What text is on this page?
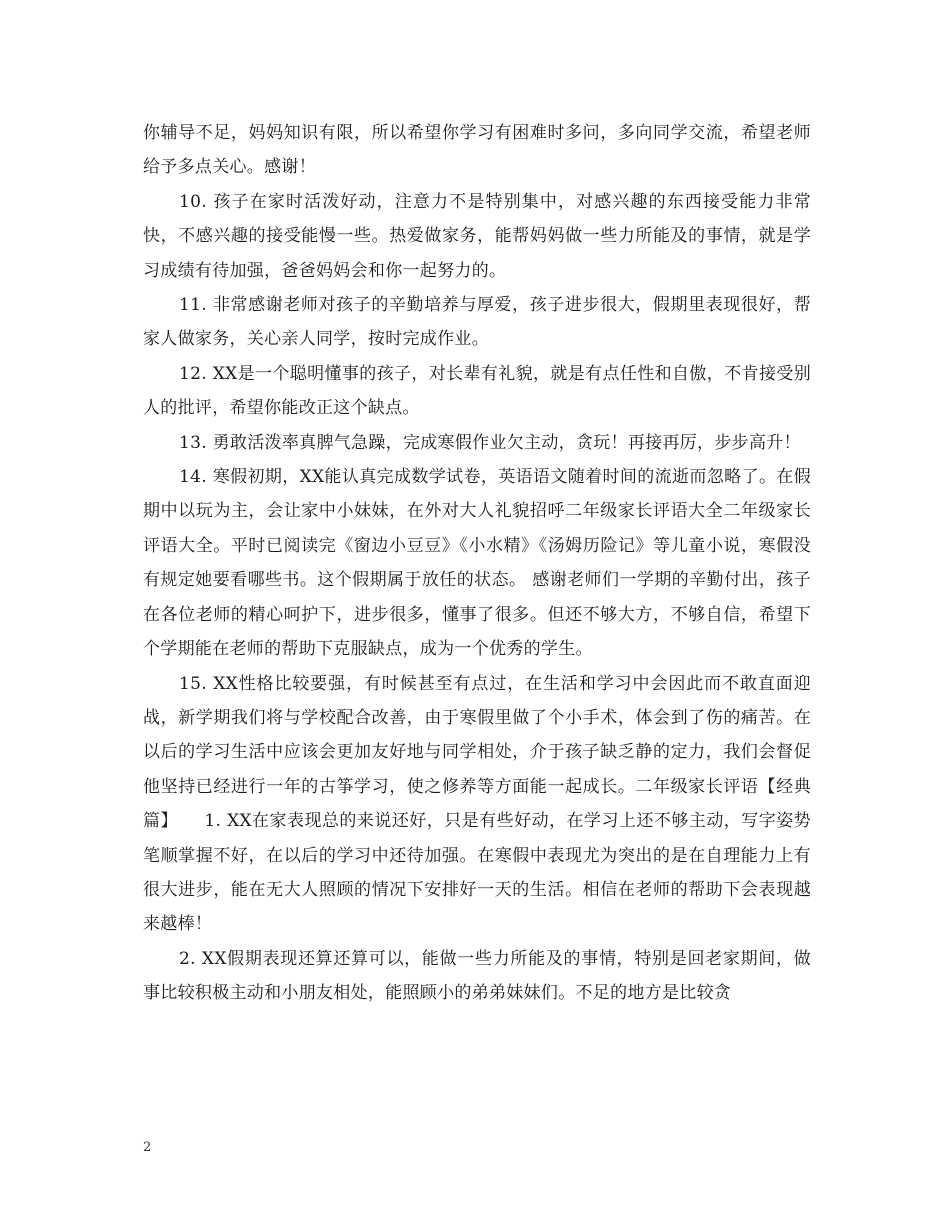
你辅导不足，妈妈知识有限，所以希望你学习有困难时多问，多向同学交流，希望老师给予多点关心。感谢！

10. 孩子在家时活泼好动，注意力不是特别集中，对感兴趣的东西接受能力非常快，不感兴趣的接受能慢一些。热爱做家务，能帮妈妈做一些力所能及的事情，就是学习成绩有待加强，爸爸妈妈会和你一起努力的。

11. 非常感谢老师对孩子的辛勤培养与厚爱，孩子进步很大，假期里表现很好，帮家人做家务，关心亲人同学，按时完成作业。

12. XX是一个聪明懂事的孩子，对长辈有礼貌，就是有点任性和自傲，不肯接受别人的批评，希望你能改正这个缺点。

13. 勇敢活泼率真脾气急躁，完成寒假作业欠主动，贪玩！再接再厉，步步高升！

14. 寒假初期，XX能认真完成数学试卷，英语语文随着时间的流逝而忽略了。在假期中以玩为主，会让家中小妹妹，在外对大人礼貌招呼二年级家长评语大全二年级家长评语大全。平时已阅读完《窗边小豆豆》《小水精》《汤姆历险记》等儿童小说，寒假没有规定她要看哪些书。这个假期属于放任的状态。 感谢老师们一学期的辛勤付出，孩子在各位老师的精心呵护下，进步很多，懂事了很多。但还不够大方，不够自信，希望下个学期能在老师的帮助下克服缺点，成为一个优秀的学生。

15. XX性格比较要强，有时候甚至有点过，在生活和学习中会因此而不敢直面迎战，新学期我们将与学校配合改善，由于寒假里做了个小手术，体会到了伤的痛苦。在以后的学习生活中应该会更加友好地与同学相处，介于孩子缺乏静的定力，我们会督促他坚持已经进行一年的古筝学习，使之修养等方面能一起成长。二年级家长评语【经典篇】　　1. XX在家表现总的来说还好，只是有些好动，在学习上还不够主动，写字姿势笔顺掌握不好，在以后的学习中还待加强。在寒假中表现尤为突出的是在自理能力上有很大进步，能在无大人照顾的情况下安排好一天的生活。相信在老师的帮助下会表现越来越棒！

2. XX假期表现还算还算可以，能做一些力所能及的事情，特别是回老家期间，做事比较积极主动和小朋友相处，能照顾小的弟弟妹妹们。不足的地方是比较贪

2
